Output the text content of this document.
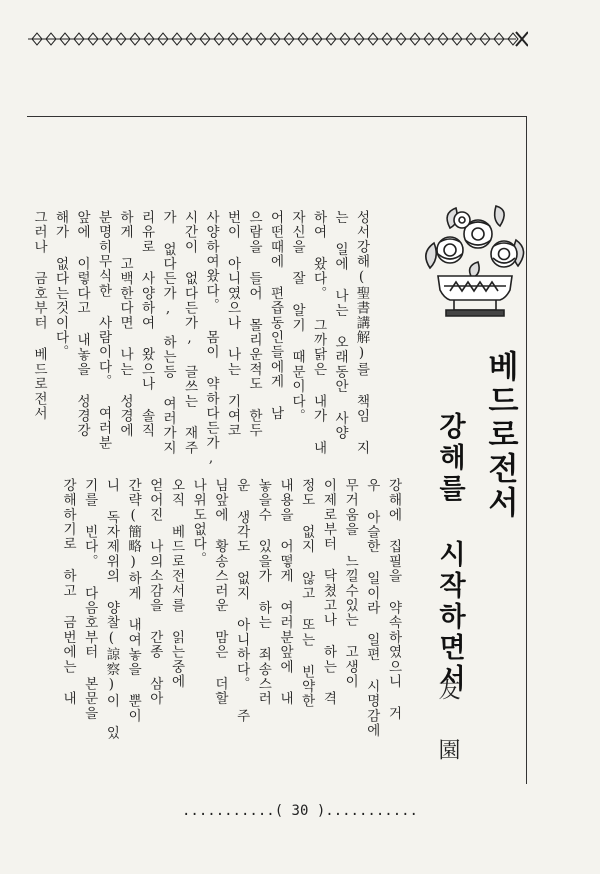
성서강해(聖書講解)를 책임 지
는 일에 나는 오래동안 사양
하여 왔다。 그까닭은 내가 내
자신을 잘 알기 때문이다。
어떤때에 편즙동인들에게 남
으람을 들어 몰리운적도 한두
번이 아니였으나 나는 기여코
사양하여왔다。 몸이 약하다든가,
시간이 없다든가, 글쓰는 재주
가 없다든가, 하는등 여러가지
리유로 사양하여 왔으나 솔직
하게 고백한다면 나는 성경에
분명히무식한 사람이다。 여러분
앞에 이렇다고 내놓을 성경강
해가 없다는것이다。
그러나 금호부터 베드로전서
강해에 집필을 약속하였으니 거
우 아슬한 일이라 일편 시명감에
무거움을 느낄수있는 고생이
이제로부터 닥쳤고나 하는 격
정도 없지 않고 또는 빈약한
내용을 어떻게 여러분앞에 내
놓을수 있을가 하는 죄송스러
운 생각도 없지 아니하다。 주
님앞에 황송스러운 맘은 더할
나위도없다。
오직 베드로전서를 읽는중에
얻어진 나의소감을 간종 삼아
간략(簡略)하게 내여놓을 뿐이
니 독자제위의 양찰(諒察)이 있
기를 빈다。 다음호부터 본문을
강해하기로 하고 금번에는 내
베드로전서
강해를 시작하면서
友園
...........( 30 )...........
